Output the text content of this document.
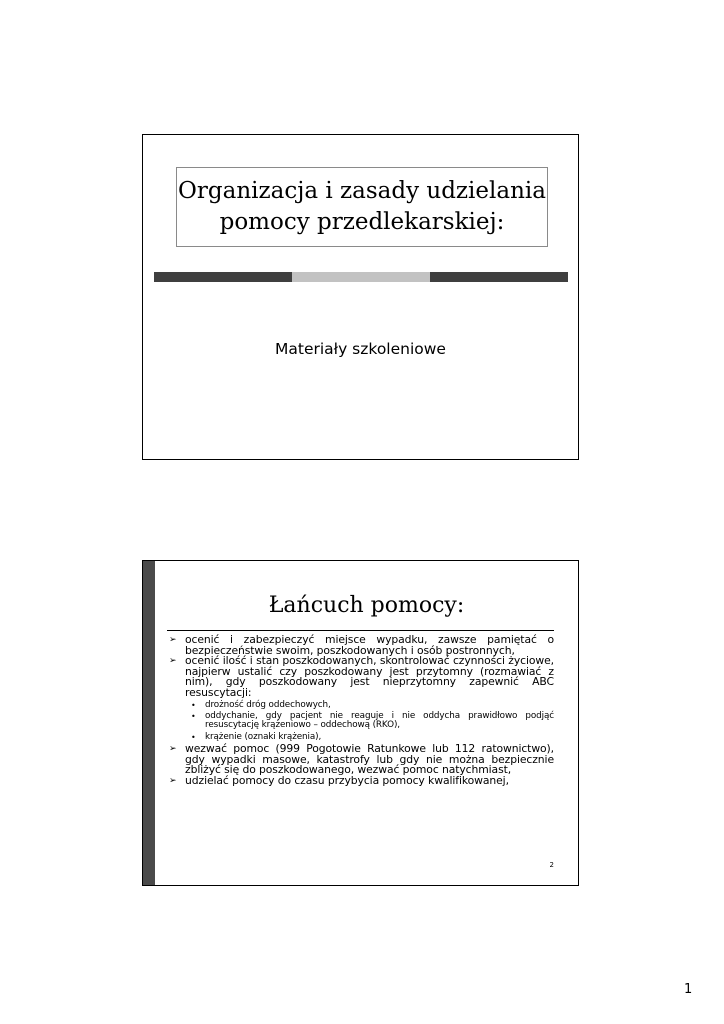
Organizacja i zasady udzielania
pomocy przedlekarskiej:
Materiały szkoleniowe
Łańcuch pomocy:
➢ ocenić i zabezpieczyć miejsce wypadku, zawsze pamiętać o bezpieczeństwie swoim, poszkodowanych i osób postronnych,
➢ ocenić ilość i stan poszkodowanych, skontrolować czynności życiowe, najpierw ustalić czy poszkodowany jest przytomny (rozmawiać z nim), gdy poszkodowany jest nieprzytomny zapewnić ABC resuscytacji:
• drożność dróg oddechowych,
• oddychanie, gdy pacjent nie reaguje i nie oddycha prawidłowo podjąć resuscytację krążeniowo – oddechową (RKO),
• krążenie (oznaki krążenia),
➢ wezwać pomoc (999 Pogotowie Ratunkowe lub 112 ratownictwo), gdy wypadki masowe, katastrofy lub gdy nie można bezpiecznie zbliżyć się do poszkodowanego, wezwać pomoc natychmiast,
➢ udzielać pomocy do czasu przybycia pomocy kwalifikowanej,
2
1
